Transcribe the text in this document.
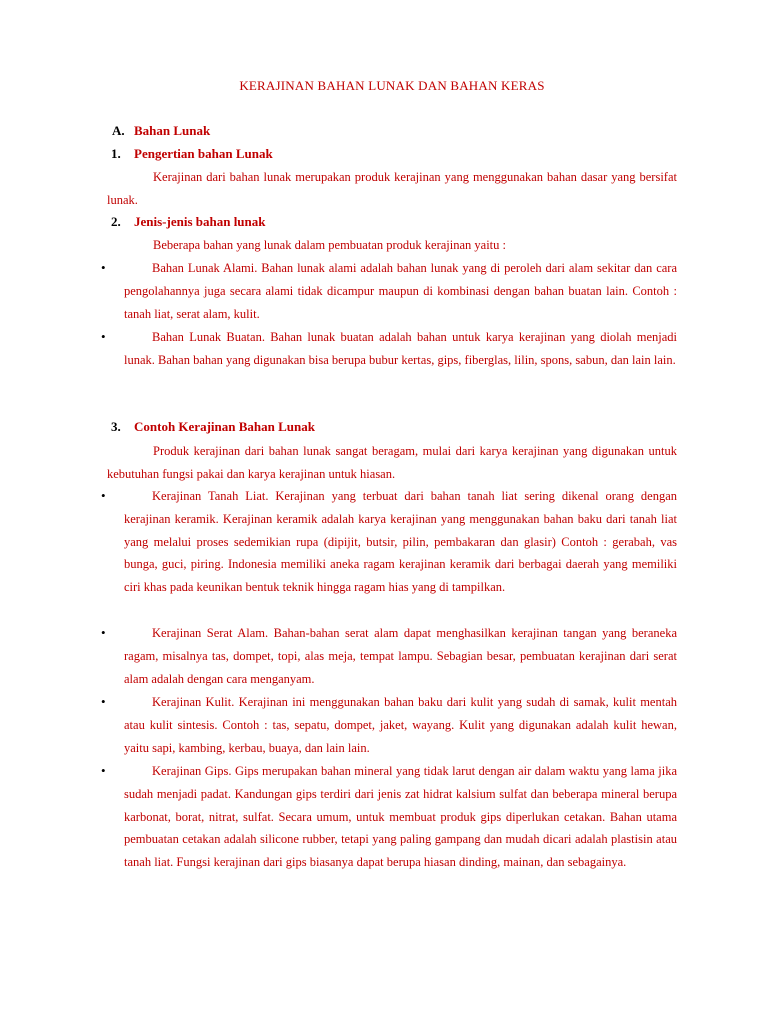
KERAJINAN BAHAN LUNAK DAN BAHAN KERAS
A. Bahan Lunak
1. Pengertian bahan Lunak
Kerajinan dari bahan lunak merupakan produk kerajinan yang menggunakan bahan dasar yang bersifat lunak.
2. Jenis-jenis bahan lunak
Beberapa bahan yang lunak dalam pembuatan produk kerajinan yaitu :
•	Bahan Lunak Alami. Bahan lunak alami adalah bahan lunak yang di peroleh dari alam sekitar dan cara pengolahannya juga secara alami tidak dicampur maupun di kombinasi dengan bahan buatan lain. Contoh : tanah liat, serat alam, kulit.
•	Bahan Lunak Buatan. Bahan lunak buatan adalah bahan untuk karya kerajinan yang diolah menjadi lunak. Bahan bahan yang digunakan bisa berupa bubur kertas, gips, fiberglas, lilin, spons, sabun, dan lain lain.
3. Contoh Kerajinan Bahan Lunak
Produk kerajinan dari bahan lunak sangat beragam, mulai dari karya kerajinan yang digunakan untuk kebutuhan fungsi pakai dan karya kerajinan untuk hiasan.
•	Kerajinan Tanah Liat. Kerajinan yang terbuat dari bahan tanah liat sering dikenal orang dengan kerajinan keramik. Kerajinan keramik adalah karya kerajinan yang menggunakan bahan baku dari tanah liat yang melalui proses sedemikian rupa (dipijit, butsir, pilin, pembakaran dan glasir) Contoh : gerabah, vas bunga, guci, piring. Indonesia memiliki aneka ragam kerajinan keramik dari berbagai daerah yang memiliki ciri khas pada keunikan bentuk teknik hingga ragam hias yang di tampilkan.
•	Kerajinan Serat Alam. Bahan-bahan serat alam dapat menghasilkan kerajinan tangan yang beraneka ragam, misalnya tas, dompet, topi, alas meja, tempat lampu. Sebagian besar, pembuatan kerajinan dari serat alam adalah dengan cara menganyam.
•	Kerajinan Kulit. Kerajinan ini menggunakan bahan baku dari kulit yang sudah di samak, kulit mentah atau kulit sintesis. Contoh : tas, sepatu, dompet, jaket, wayang. Kulit yang digunakan adalah kulit hewan, yaitu sapi, kambing, kerbau, buaya, dan lain lain.
•	Kerajinan Gips. Gips merupakan bahan mineral yang tidak larut dengan air dalam waktu yang lama jika sudah menjadi padat. Kandungan gips terdiri dari jenis zat hidrat kalsium sulfat dan beberapa mineral berupa karbonat, borat, nitrat, sulfat. Secara umum, untuk membuat produk gips diperlukan cetakan. Bahan utama pembuatan cetakan adalah silicone rubber, tetapi yang paling gampang dan mudah dicari adalah plastisin atau tanah liat. Fungsi kerajinan dari gips biasanya dapat berupa hiasan dinding, mainan, dan sebagainya.
